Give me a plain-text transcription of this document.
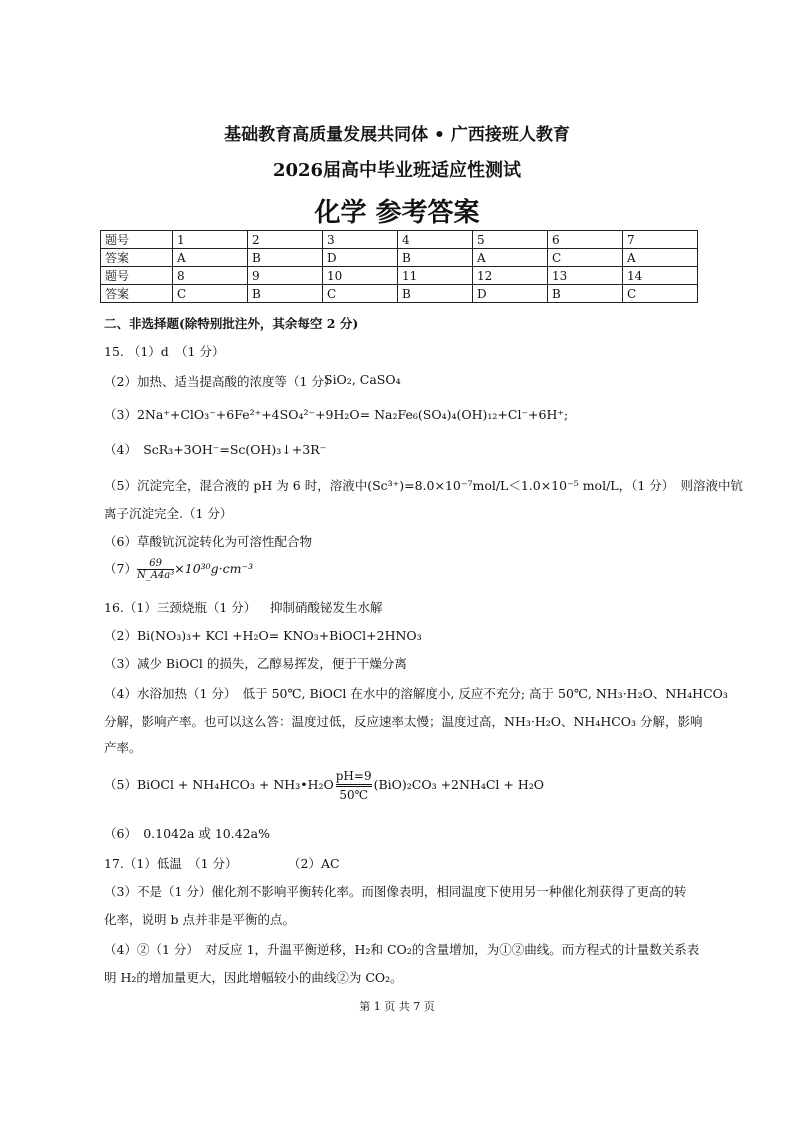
基础教育高质量发展共同体 • 广西接班人教育
2026届高中毕业班适应性测试
化学 参考答案
题号	1	2	3	4	5	6	7
答案	A	B	D	B	A	C	A
题号	8	9	10	11	12	13	14
答案	C	B	C	B	D	B	C
二、非选择题(除特别批注外，其余每空 2 分)
15. （1）d　（1 分）
（2）加热、适当提高酸的浓度等（1 分）
SiO₂, CaSO₄
（3）2Na⁺+ClO₃⁻+6Fe²⁺+4SO₄²⁻+9H₂O= Na₂Fe₆(SO₄)₄(OH)₁₂+Cl⁻+6H⁺;
（4）　ScR₃+3OH⁻=Sc(OH)₃↓+3R⁻
（5）沉淀完全，混合液的 pH 为 6 时，溶液中(Sc³⁺)=8.0×10⁻⁷mol/L＜1.0×10⁻⁵ mol/L，（1 分）　则溶液中钪
离子沉淀完全.（1 分）
（6）草酸钪沉淀转化为可溶性配合物
$(7) \frac{69}{\text{N\_A4a³}} \times 10^{30}g\cdot cm^{-3}$
16.（1）三颈烧瓶（1 分） 抑制硝酸铋发生水解
（2）Bi(NO₃)₃+ KCl +H₂O= KNO₃+BiOCl+2HNO₃
（3）减少 BiOCl 的损失，乙醇易挥发，便于干燥分离
（4）水浴加热（1 分）　低于 50℃, BiOCl 在水中的溶解度小, 反应不充分; 高于 50℃, NH₃·H₂O、NH₄HCO₃
分解，影响产率。也可以这么答：温度过低，反应速率太慢；温度过高，NH₃·H₂O、NH₄HCO₃ 分解，影响
产率。
（5）BiOCl + NH₄HCO₃ + NH₃•H₂O $\frac{pH=9}{50℃} (BiO)_2CO_3 +2NH_4Cl + H_2O$
（6）　0.1042a 或 10.42a%
17.（1）低温　（1 分）	（2）AC
（3）不是（1 分）催化剂不影响平衡转化率。而图像表明，相同温度下使用另一种催化剂获得了更高的转
化率，说明 b 点并非是平衡的点。
（4）②（1 分）　对反应 1，升温平衡逆移，H₂和 CO₂的含量增加，为①②曲线。而方程式的计量数关系表
明 H₂的增加量更大，因此增幅较小的曲线②为 CO₂。
第 1 页 共 7 页
